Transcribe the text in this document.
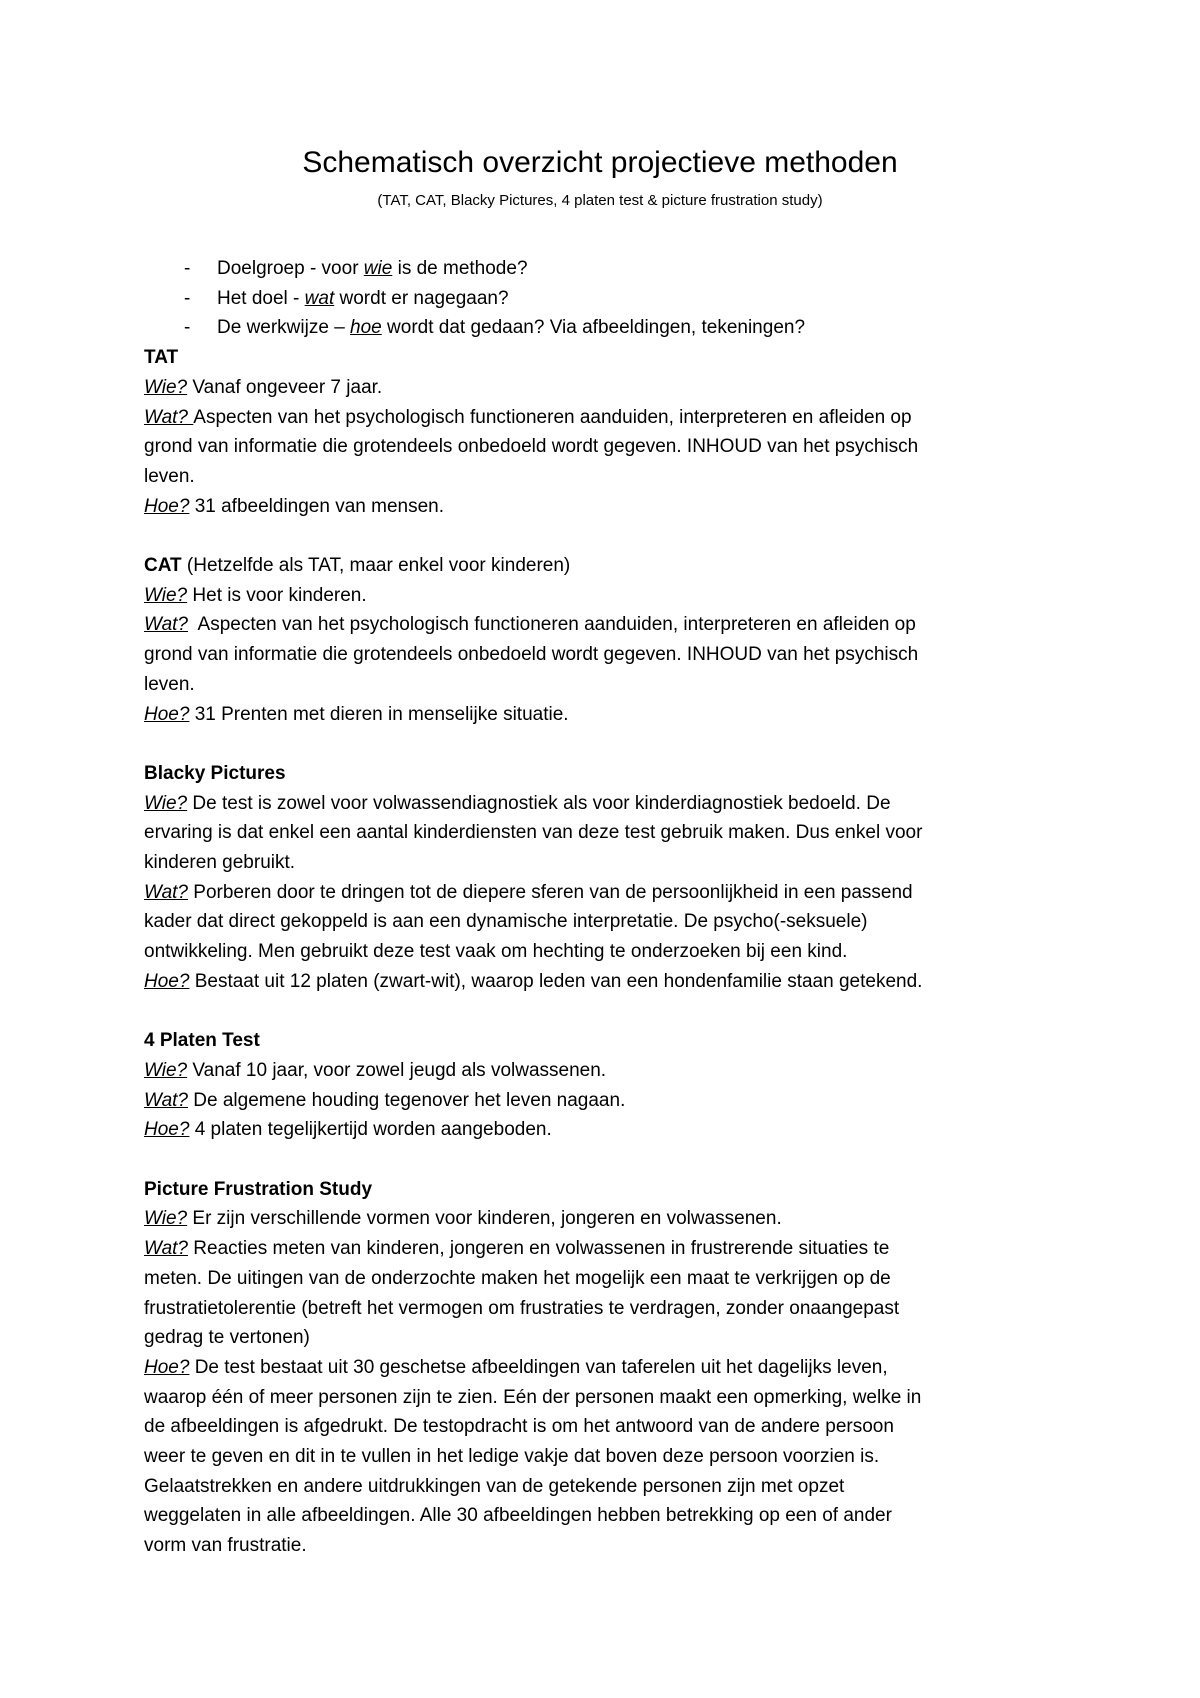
Schematisch overzicht projectieve methoden
(TAT, CAT, Blacky Pictures, 4 platen test & picture frustration study)
- Doelgroep - voor wie is de methode?
- Het doel - wat wordt er nagegaan?
- De werkwijze – hoe wordt dat gedaan? Via afbeeldingen, tekeningen?

TAT

Wie? Vanaf ongeveer 7 jaar.

Wat? Aspecten van het psychologisch functioneren aanduiden, interpreteren en afleiden op

grond van informatie die grotendeels onbedoeld wordt gegeven. INHOUD van het psychisch

leven.

Hoe? 31 afbeeldingen van mensen.

CAT (Hetzelfde als TAT, maar enkel voor kinderen)

Wie? Het is voor kinderen.

Wat?  Aspecten van het psychologisch functioneren aanduiden, interpreteren en afleiden op

grond van informatie die grotendeels onbedoeld wordt gegeven. INHOUD van het psychisch

leven.

Hoe? 31 Prenten met dieren in menselijke situatie.

Blacky Pictures

Wie? De test is zowel voor volwassendiagnostiek als voor kinderdiagnostiek bedoeld. De

ervaring is dat enkel een aantal kinderdiensten van deze test gebruik maken. Dus enkel voor

kinderen gebruikt.

Wat? Porberen door te dringen tot de diepere sferen van de persoonlijkheid in een passend

kader dat direct gekoppeld is aan een dynamische interpretatie. De psycho(-seksuele)

ontwikkeling. Men gebruikt deze test vaak om hechting te onderzoeken bij een kind.

Hoe? Bestaat uit 12 platen (zwart-wit), waarop leden van een hondenfamilie staan getekend.

4 Platen Test

Wie? Vanaf 10 jaar, voor zowel jeugd als volwassenen.

Wat? De algemene houding tegenover het leven nagaan.

Hoe? 4 platen tegelijkertijd worden aangeboden.

Picture Frustration Study

Wie? Er zijn verschillende vormen voor kinderen, jongeren en volwassenen.

Wat? Reacties meten van kinderen, jongeren en volwassenen in frustrerende situaties te

meten. De uitingen van de onderzochte maken het mogelijk een maat te verkrijgen op de

frustratietolerentie (betreft het vermogen om frustraties te verdragen, zonder onaangepast

gedrag te vertonen)

Hoe? De test bestaat uit 30 geschetse afbeeldingen van taferelen uit het dagelijks leven,

waarop één of meer personen zijn te zien. Eén der personen maakt een opmerking, welke in

de afbeeldingen is afgedrukt. De testopdracht is om het antwoord van de andere persoon

weer te geven en dit in te vullen in het ledige vakje dat boven deze persoon voorzien is.

Gelaatstrekken en andere uitdrukkingen van de getekende personen zijn met opzet

weggelaten in alle afbeeldingen. Alle 30 afbeeldingen hebben betrekking op een of ander

vorm van frustratie.
